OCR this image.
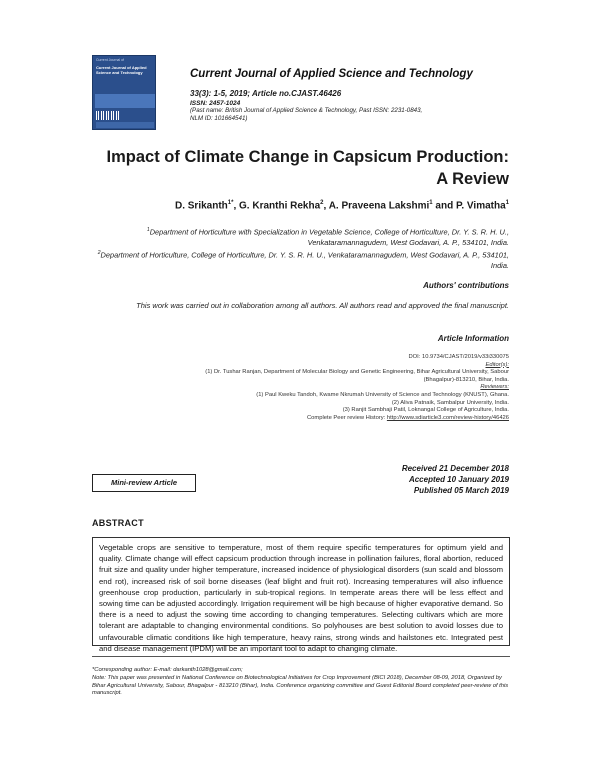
Current Journal of
Current Journal of Applied Science and Technology	Current Journal of Applied Science and Technology
33(3): 1-5, 2019; Article no.CJAST.46426
ISSN: 2457-1024
(Past name: British Journal of Applied Science & Technology, Past ISSN: 2231-0843,
NLM ID: 101664541)
Impact of Climate Change in Capsicum Production:
A Review
D. Srikanth$^{1*}$, G. Kranthi Rekha$^2$, A. Praveena Lakshmi$^1$ and P. Vimatha$^1$
$^1$Department of Horticulture with Specialization in Vegetable Science, College of Horticulture, Dr. Y. S. R. H. U., Venkataramannagudem, West Godavari, A. P., 534101, India.
$^2$Department of Horticulture, College of Horticulture, Dr. Y. S. R. H. U., Venkataramannagudem, West Godavari, A. P., 534101, India.
Authors' contributions
This work was carried out in collaboration among all authors. All authors read and approved the final manuscript.
Article Information
DOI: 10.9734/CJAST/2019/v33i330075
Editor(s):
(1) Dr. Tushar Ranjan, Department of Molecular Biology and Genetic Engineering, Bihar Agricultural University, Sabour
(Bhagalpur)-813210, Bihar, India.
Reviewers:
(1) Paul Kweku Tandoh, Kwame Nkrumah University of Science and Technology (KNUST), Ghana.
(2) Aliva Patnaik, Sambalpur University, India.
(3) Ranjit Sambhaji Patil, Loknangal College of Agriculture, India.
Complete Peer review History: http://www.sdiarticle3.com/review-history/46426
Received 21 December 2018
Accepted 10 January 2019
Published 05 March 2019
Mini-review Article
ABSTRACT
Vegetable crops are sensitive to temperature, most of them require specific temperatures for optimum yield and quality. Climate change will effect capsicum production through increase in pollination failures, floral abortion, reduced fruit size and quality under higher temperature, increased incidence of physiological disorders (sun scald and blossom end rot), increased risk of soil borne diseases (leaf blight and fruit rot). Increasing temperatures will also influence greenhouse crop production, particularly in sub-tropical regions. In temperate areas there will be less effect and sowing time can be adjusted accordingly. Irrigation requirement will be high because of higher evaporative demand. So there is a need to adjust the sowing time according to changing temperatures. Selecting cultivars which are more tolerant are adaptable to changing environmental conditions. So polyhouses are best solution to avoid losses due to unfavourable climatic conditions like high temperature, heavy rains, strong winds and hailstones etc. Integrated pest and disease management (IPDM) will be an important tool to adapt to changing climate.
*Corresponding author: E-mail: darkanth1028@gmail.com;
Note: This paper was presented in National Conference on Biotechnological Initiatives for Crop Improvement (BICI 2018), December 08-09, 2018, Organized by Bihar Agricultural University, Sabour, Bhagalpur - 813210 (Bihar), India. Conference organizing committee and Guest Editorial Board completed peer-review of this manuscript.
